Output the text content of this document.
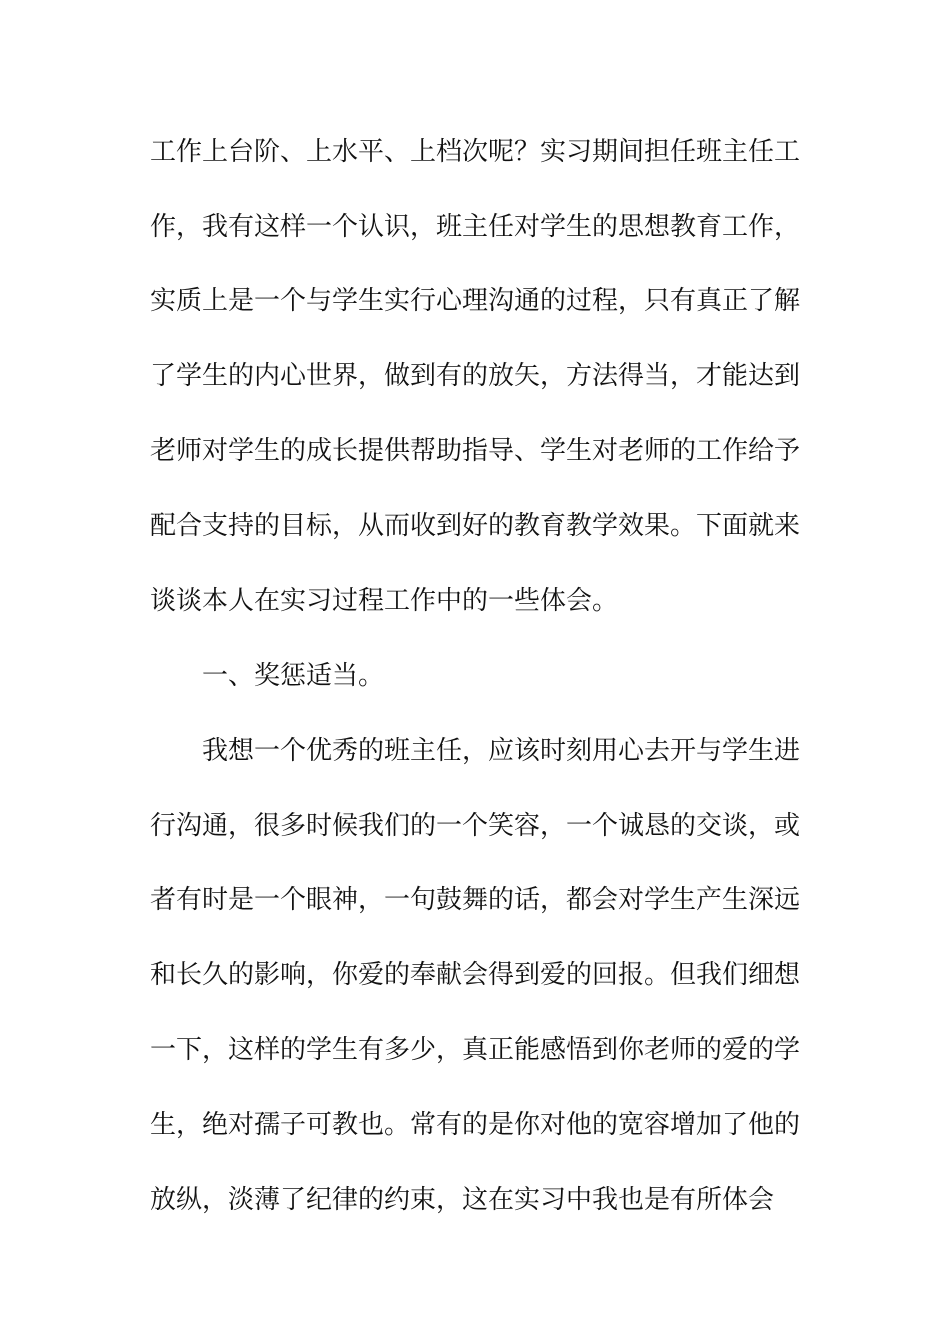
工作上台阶、上水平、上档次呢？实习期间担任班主任工
作，我有这样一个认识，班主任对学生的思想教育工作，
实质上是一个与学生实行心理沟通的过程，只有真正了解
了学生的内心世界，做到有的放矢，方法得当，才能达到
老师对学生的成长提供帮助指导、学生对老师的工作给予
配合支持的目标，从而收到好的教育教学效果。下面就来
谈谈本人在实习过程工作中的一些体会。
一、奖惩适当。
我想一个优秀的班主任，应该时刻用心去开与学生进
行沟通，很多时候我们的一个笑容，一个诚恳的交谈，或
者有时是一个眼神，一句鼓舞的话，都会对学生产生深远
和长久的影响，你爱的奉献会得到爱的回报。但我们细想
一下，这样的学生有多少，真正能感悟到你老师的爱的学
生，绝对孺子可教也。常有的是你对他的宽容增加了他的
放纵，淡薄了纪律的约束，这在实习中我也是有所体会
